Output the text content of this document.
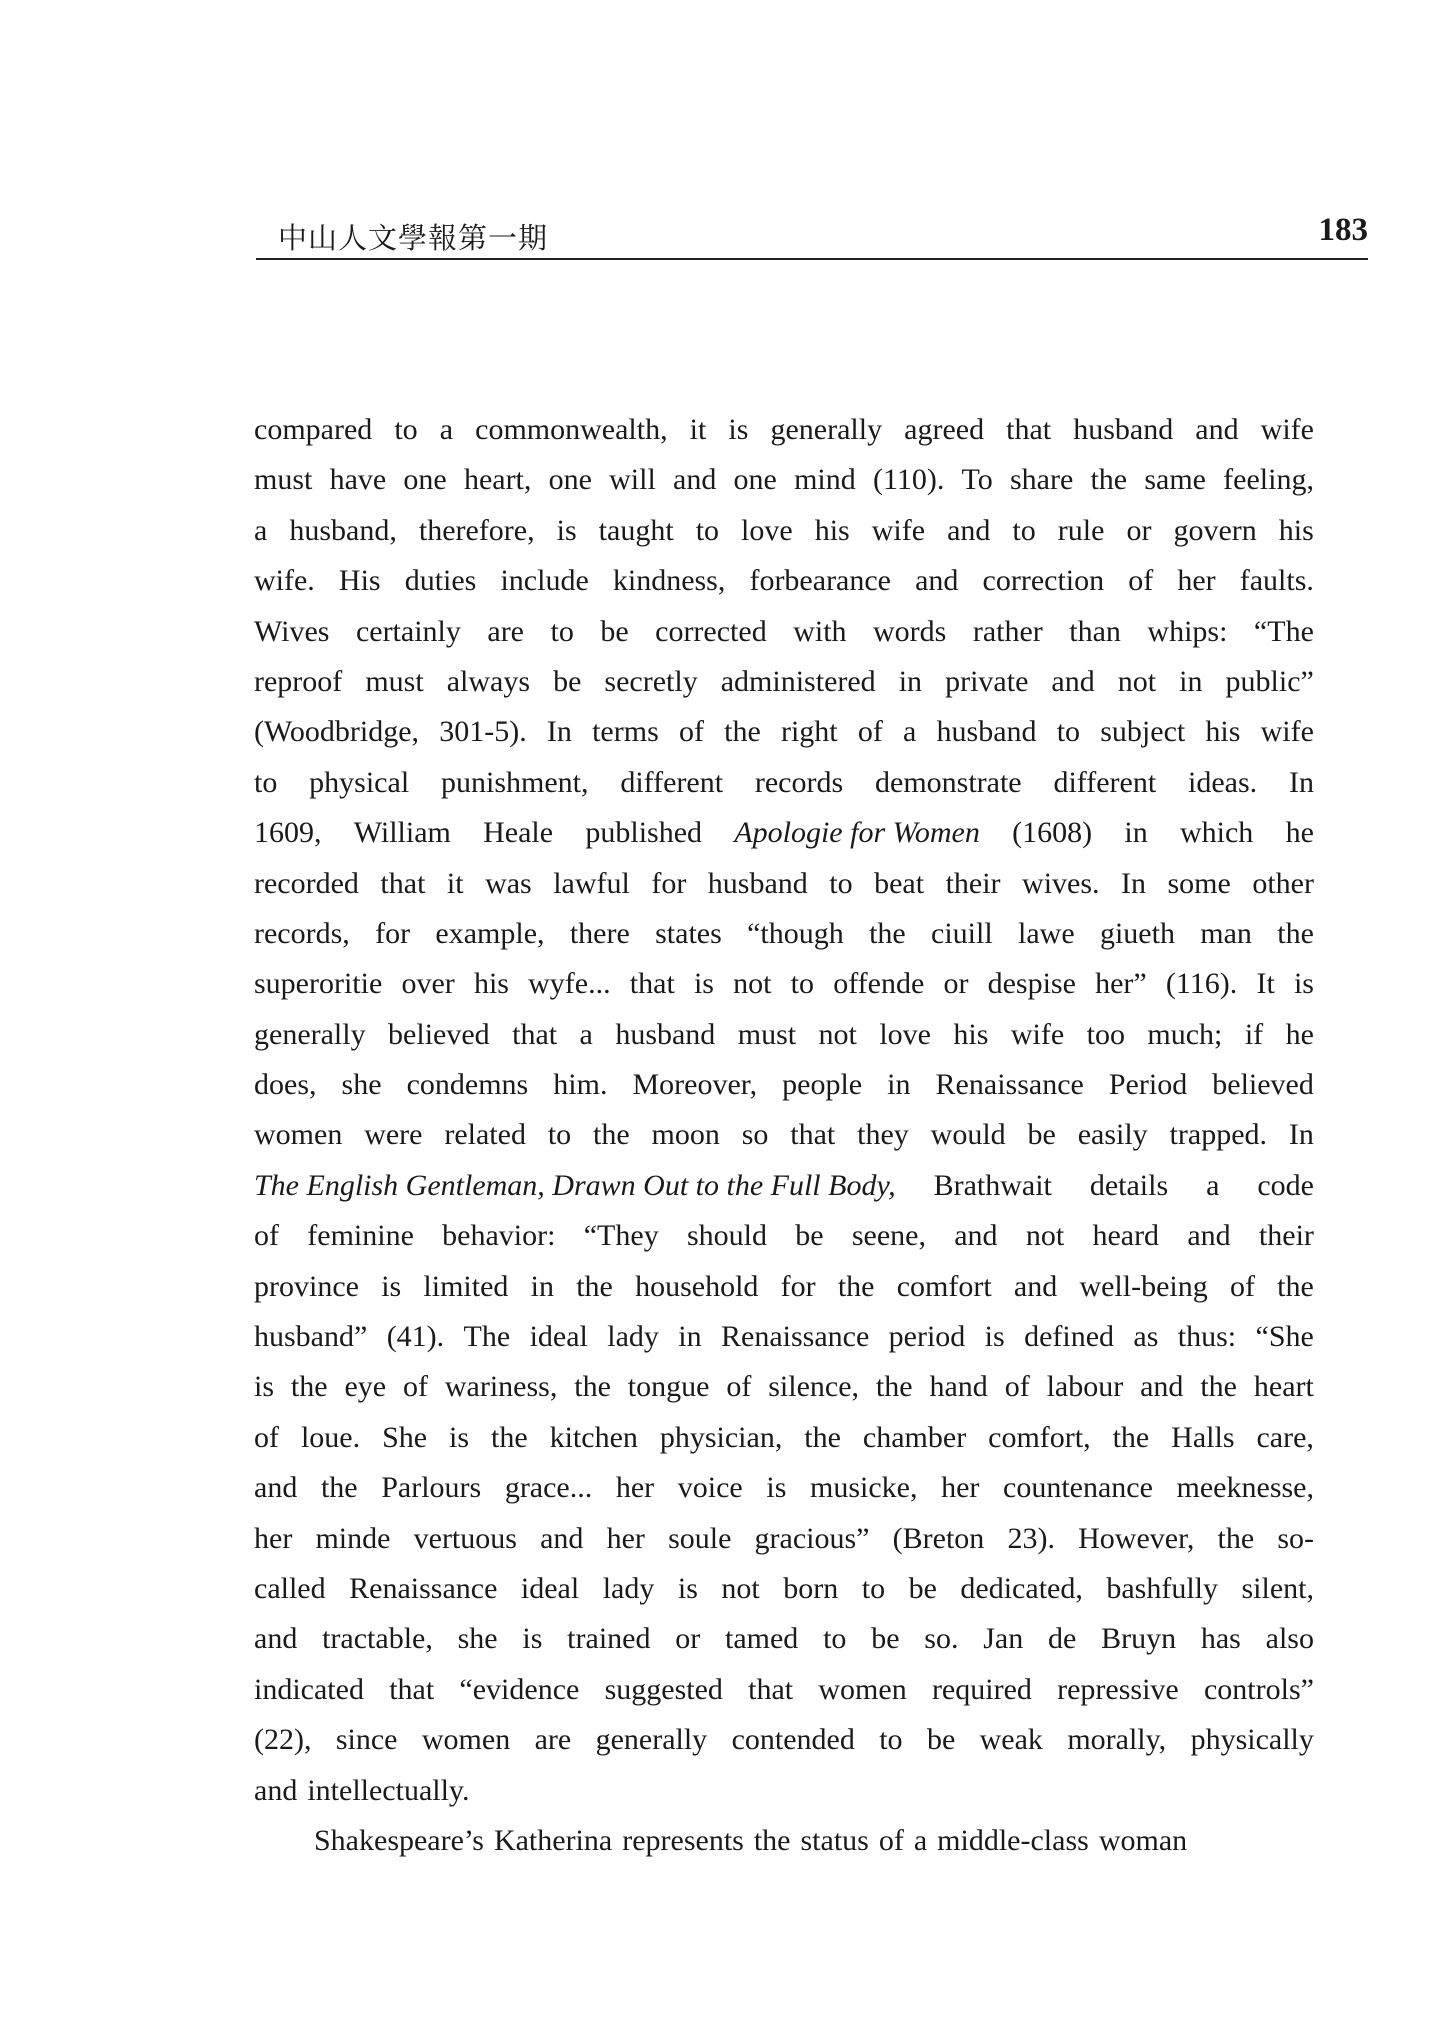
中山人文學報第一期	183
compared to a commonwealth, it is generally agreed that husband and wife
must have one heart, one will and one mind (110). To share the same feeling,
a husband, therefore, is taught to love his wife and to rule or govern his
wife. His duties include kindness, forbearance and correction of her faults.
Wives certainly are to be corrected with words rather than whips: “The
reproof must always be secretly administered in private and not in public”
(Woodbridge, 301-5). In terms of the right of a husband to subject his wife
to physical punishment, different records demonstrate different ideas. In
1609, William Heale published Apologie for Women (1608) in which he
recorded that it was lawful for husband to beat their wives. In some other
records, for example, there states “though the ciuill lawe giueth man the
superoritie over his wyfe... that is not to offende or despise her” (116). It is
generally believed that a husband must not love his wife too much; if he
does, she condemns him. Moreover, people in Renaissance Period believed
women were related to the moon so that they would be easily trapped. In
The English Gentleman, Drawn Out to the Full Body, Brathwait details a code
of feminine behavior: “They should be seene, and not heard and their
province is limited in the household for the comfort and well-being of the
husband” (41). The ideal lady in Renaissance period is defined as thus: “She
is the eye of wariness, the tongue of silence, the hand of labour and the heart
of loue. She is the kitchen physician, the chamber comfort, the Halls care,
and the Parlours grace... her voice is musicke, her countenance meeknesse,
her minde vertuous and her soule gracious” (Breton 23). However, the so-
called Renaissance ideal lady is not born to be dedicated, bashfully silent,
and tractable, she is trained or tamed to be so. Jan de Bruyn has also
indicated that “evidence suggested that women required repressive controls”
(22), since women are generally contended to be weak morally, physically
and intellectually.
Shakespeare’s Katherina represents the status of a middle-class woman
